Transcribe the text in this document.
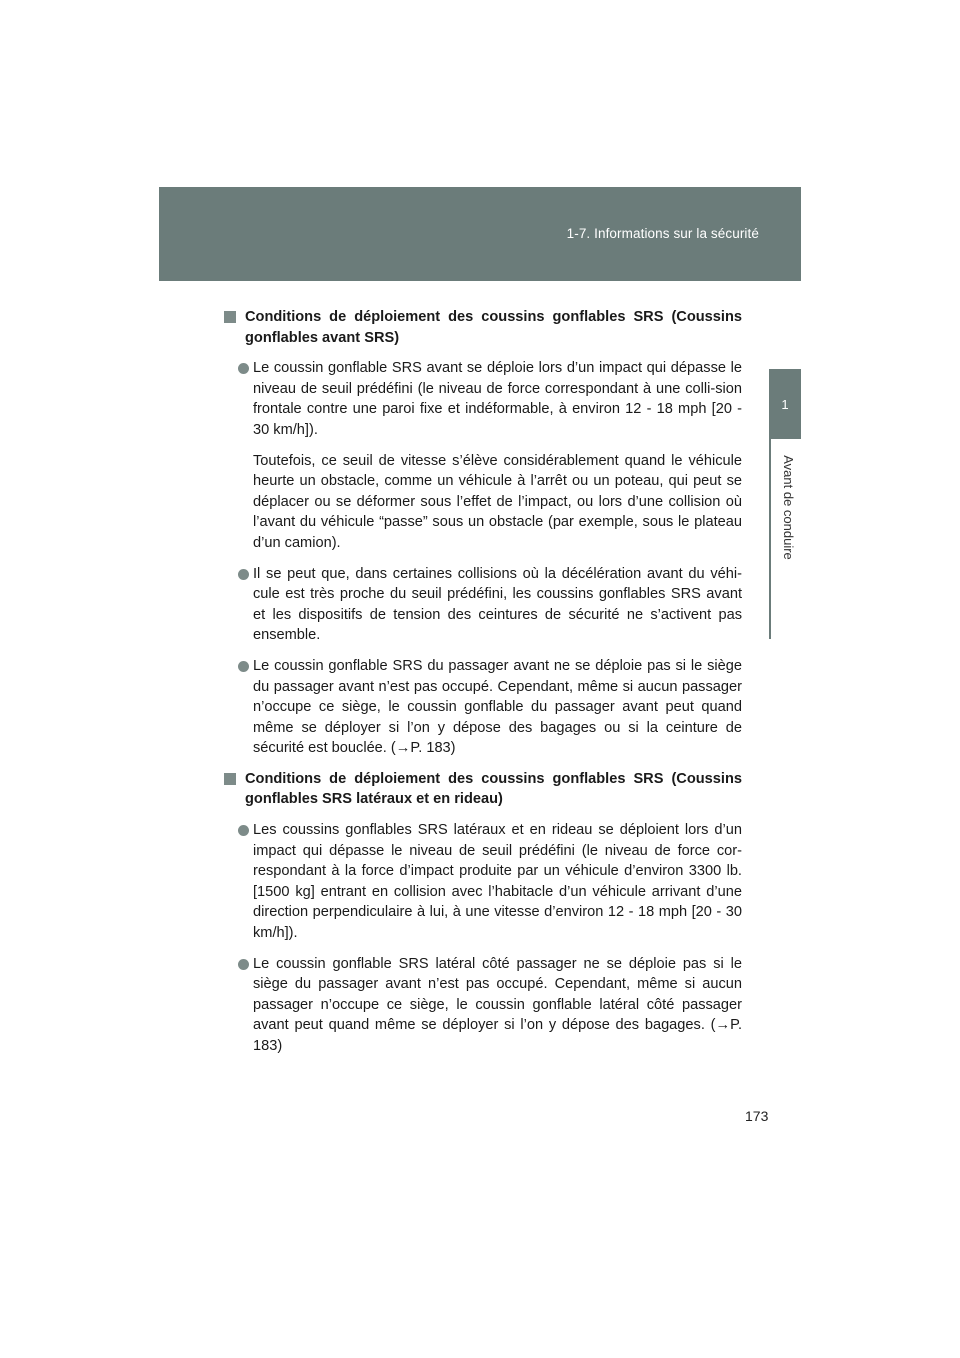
1-7. Informations sur la sécurité
1
Avant de conduire
Conditions de déploiement des coussins gonflables SRS (Coussins gonflables avant SRS)
Le coussin gonflable SRS avant se déploie lors d’un impact qui dépasse le niveau de seuil prédéfini (le niveau de force correspondant à une colli-sion frontale contre une paroi fixe et indéformable, à environ 12 - 18 mph [20 - 30 km/h]).
Toutefois, ce seuil de vitesse s’élève considérablement quand le véhicule heurte un obstacle, comme un véhicule à l’arrêt ou un poteau, qui peut se déplacer ou se déformer sous l’effet de l’impact, ou lors d’une collision où l’avant du véhicule “passe” sous un obstacle (par exemple, sous le plateau d’un camion).
Il se peut que, dans certaines collisions où la décélération avant du véhi-cule est très proche du seuil prédéfini, les coussins gonflables SRS avant et les dispositifs de tension des ceintures de sécurité ne s’activent pas ensemble.
Le coussin gonflable SRS du passager avant ne se déploie pas si le siège du passager avant n’est pas occupé. Cependant, même si aucun passager n’occupe ce siège, le coussin gonflable du passager avant peut quand même se déployer si l’on y dépose des bagages ou si la ceinture de sécurité est bouclée. (→P. 183)
Conditions de déploiement des coussins gonflables SRS (Coussins gonflables SRS latéraux et en rideau)
Les coussins gonflables SRS latéraux et en rideau se déploient lors d’un impact qui dépasse le niveau de seuil prédéfini (le niveau de force cor-respondant à la force d’impact produite par un véhicule d’environ 3300 lb. [1500 kg] entrant en collision avec l’habitacle d’un véhicule arrivant d’une direction perpendiculaire à lui, à une vitesse d’environ 12 - 18 mph [20 - 30 km/h]).
Le coussin gonflable SRS latéral côté passager ne se déploie pas si le siège du passager avant n’est pas occupé. Cependant, même si aucun passager n’occupe ce siège, le coussin gonflable latéral côté passager avant peut quand même se déployer si l’on y dépose des bagages. (→P. 183)
173
